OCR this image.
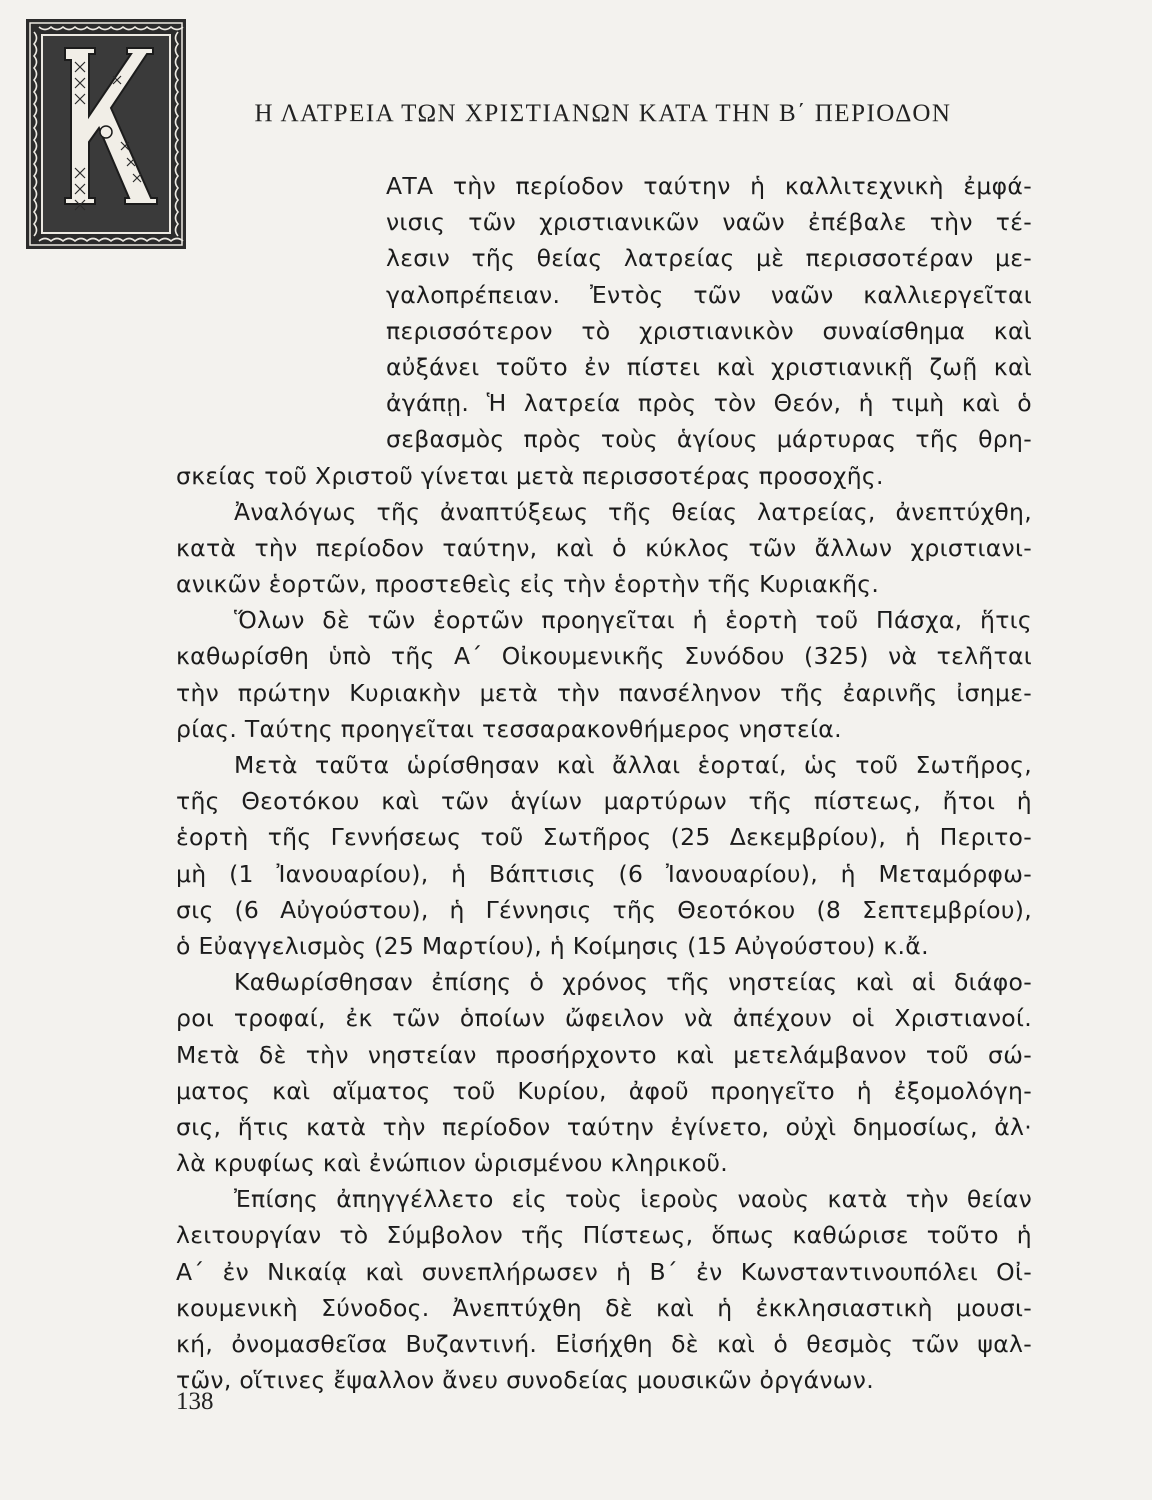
Η ΛΑΤΡΕΙΑ ΤΩΝ ΧΡΙΣΤΙΑΝΩΝ ΚΑΤΑ ΤΗΝ Β΄ ΠΕΡΙΟΔΟΝ
ΑΤΑ τὴν περίοδον ταύτην ἡ καλλιτεχνικὴ ἐμφά-
νισις τῶν χριστιανικῶν ναῶν ἐπέβαλε τὴν τέ-
λεσιν τῆς θείας λατρείας μὲ περισσοτέραν με-
γαλοπρέπειαν. Ἐντὸς τῶν ναῶν καλλιεργεῖται
περισσότερον τὸ χριστιανικὸν συναίσθημα καὶ
αὐξάνει τοῦτο ἐν πίστει καὶ χριστιανικῇ ζωῇ καὶ
ἀγάπῃ. Ἡ λατρεία πρὸς τὸν Θεόν, ἡ τιμὴ καὶ ὁ
σεβασμὸς πρὸς τοὺς ἁγίους μάρτυρας τῆς θρη-
σκείας τοῦ Χριστοῦ γίνεται μετὰ περισσοτέρας προσοχῆς.
Ἀναλόγως τῆς ἀναπτύξεως τῆς θείας λατρείας, ἀνεπτύχθη,
κατὰ τὴν περίοδον ταύτην, καὶ ὁ κύκλος τῶν ἄλλων χριστιανι-
ανικῶν ἑορτῶν, προστεθεὶς εἰς τὴν ἑορτὴν τῆς Κυριακῆς.
Ὅλων δὲ τῶν ἑορτῶν προηγεῖται ἡ ἑορτὴ τοῦ Πάσχα, ἥτις
καθωρίσθη ὑπὸ τῆς Α΄ Οἰκουμενικῆς Συνόδου (325) νὰ τελῆται
τὴν πρώτην Κυριακὴν μετὰ τὴν πανσέληνον τῆς ἐαρινῆς ἰσημε-
ρίας. Ταύτης προηγεῖται τεσσαρακονθήμερος νηστεία.
Μετὰ ταῦτα ὡρίσθησαν καὶ ἄλλαι ἑορταί, ὡς τοῦ Σωτῆρος,
τῆς Θεοτόκου καὶ τῶν ἁγίων μαρτύρων τῆς πίστεως, ἤτοι ἡ
ἑορτὴ τῆς Γεννήσεως τοῦ Σωτῆρος (25 Δεκεμβρίου), ἡ Περιτο-
μὴ (1 Ἰανουαρίου), ἡ Βάπτισις (6 Ἰανουαρίου), ἡ Μεταμόρφω-
σις (6 Αὐγούστου), ἡ Γέννησις τῆς Θεοτόκου (8 Σεπτεμβρίου),
ὁ Εὐαγγελισμὸς (25 Μαρτίου), ἡ Κοίμησις (15 Αὐγούστου) κ.ἄ.
Καθωρίσθησαν ἐπίσης ὁ χρόνος τῆς νηστείας καὶ αἱ διάφο-
ροι τροφαί, ἐκ τῶν ὁποίων ὤφειλον νὰ ἀπέχουν οἱ Χριστιανοί.
Μετὰ δὲ τὴν νηστείαν προσήρχοντο καὶ μετελάμβανον τοῦ σώ-
ματος καὶ αἵματος τοῦ Κυρίου, ἀφοῦ προηγεῖτο ἡ ἐξομολόγη-
σις, ἥτις κατὰ τὴν περίοδον ταύτην ἐγίνετο, οὐχὶ δημοσίως, ἀλ·
λὰ κρυφίως καὶ ἐνώπιον ὡρισμένου κληρικοῦ.
Ἐπίσης ἀπηγγέλλετο εἰς τοὺς ἱεροὺς ναοὺς κατὰ τὴν θείαν
λειτουργίαν τὸ Σύμβολον τῆς Πίστεως, ὅπως καθώρισε τοῦτο ἡ
Α΄ ἐν Νικαίᾳ καὶ συνεπλήρωσεν ἡ Β΄ ἐν Κωνσταντινουπόλει Οἰ-
κουμενικὴ Σύνοδος. Ἀνεπτύχθη δὲ καὶ ἡ ἐκκλησιαστικὴ μουσι-
κή, ὀνομασθεῖσα Βυζαντινή. Εἰσήχθη δὲ καὶ ὁ θεσμὸς τῶν ψαλ-
τῶν, οἵτινες ἔψαλλον ἄνευ συνοδείας μουσικῶν ὀργάνων.
138
